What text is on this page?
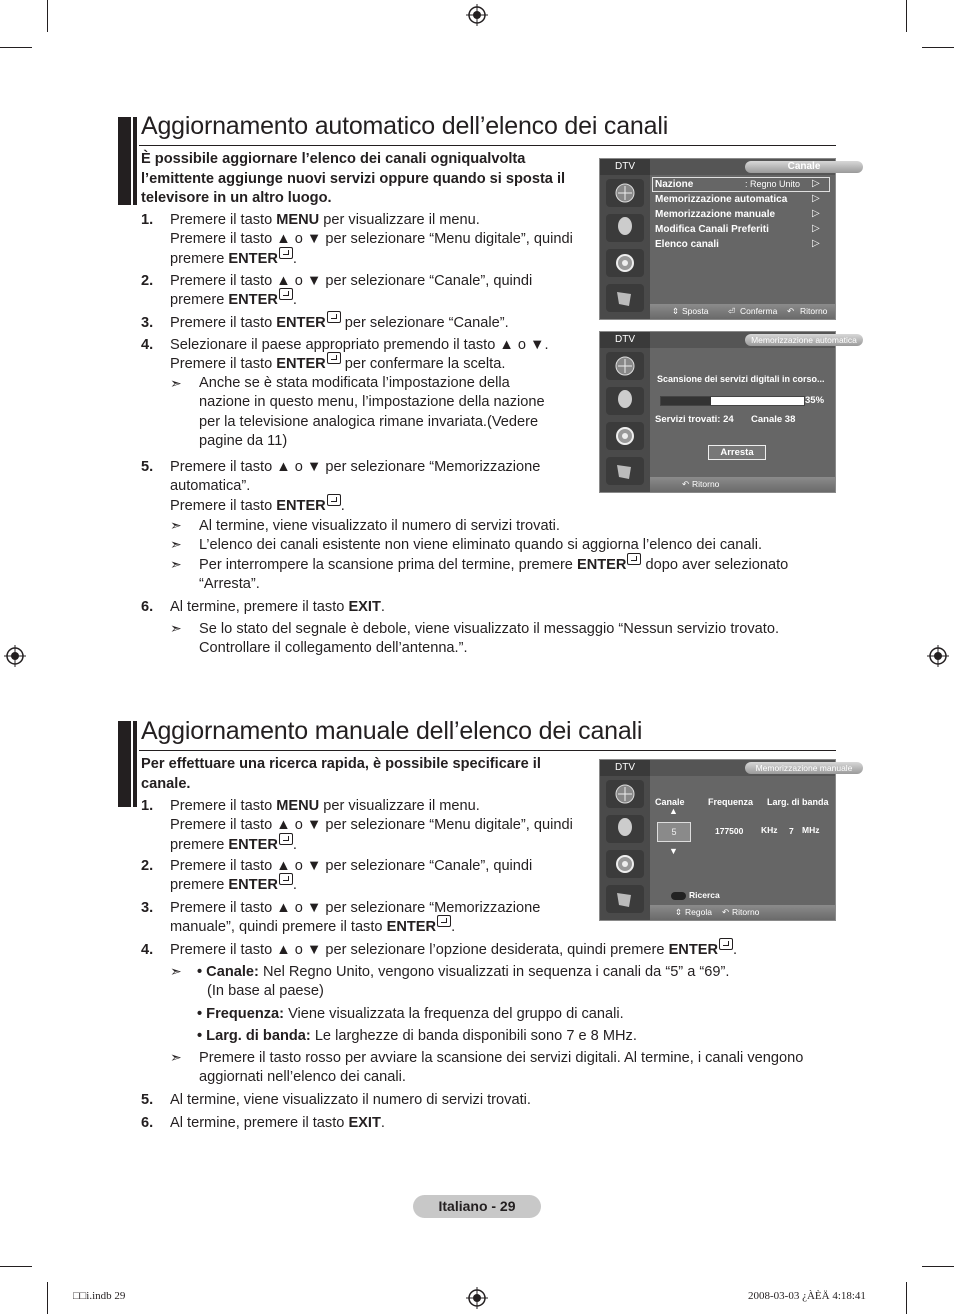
Aggiornamento automatico dell’elenco dei canali
È possibile aggiornare l’elenco dei canali ogniqualvolta
l’emittente aggiunge nuovi servizi oppure quando si sposta il
televisore in un altro luogo.
1. Premere il tasto MENU per visualizzare il menu.
Premere il tasto ▲ o ▼ per selezionare “Menu digitale”, quindi
premere ENTER .
2. Premere il tasto ▲ o ▼ per selezionare “Canale”, quindi
premere ENTER .
3. Premere il tasto ENTER per selezionare “Canale”.
4. Selezionare il paese appropriato premendo il tasto ▲ o ▼.
Premere il tasto ENTER per confermare la scelta.
➣ Anche se è stata modificata l’impostazione della
nazione in questo menu, l’impostazione della nazione
per la televisione analogica rimane invariata.(Vedere
pagine da 11)
5. Premere il tasto ▲ o ▼ per selezionare “Memorizzazione
automatica”.
Premere il tasto ENTER .
➣ Al termine, viene visualizzato il numero di servizi trovati.
➣ L’elenco dei canali esistente non viene eliminato quando si aggiorna l’elenco dei canali.
➣ Per interrompere la scansione prima del termine, premere ENTER dopo aver selezionato
“Arresta”.
6. Al termine, premere il tasto EXIT.
➣ Se lo stato del segnale è debole, viene visualizzato il messaggio “Nessun servizio trovato.
Controllare il collegamento dell’antenna.”.
DTV	Canale
Nazione	: Regno Unito
Memorizzazione automatica
Memorizzazione manuale
Modifica Canali Preferiti
Elenco canali
▷
▷
▷
▷
▷
⇕ Sposta ⏎ Conferma ↶ Ritorno
DTV	Memorizzazione automatica
Scansione dei servizi digitali in corso...
35%
Servizi trovati: 24 Canale 38
Arresta
↶ Ritorno
Aggiornamento manuale dell’elenco dei canali
Per effettuare una ricerca rapida, è possibile specificare il
canale.
1. Premere il tasto MENU per visualizzare il menu.
Premere il tasto ▲ o ▼ per selezionare “Menu digitale”, quindi
premere ENTER .
2. Premere il tasto ▲ o ▼ per selezionare “Canale”, quindi
premere ENTER .
3. Premere il tasto ▲ o ▼ per selezionare “Memorizzazione
manuale”, quindi premere il tasto ENTER .
4. Premere il tasto ▲ o ▼ per selezionare l’opzione desiderata, quindi premere ENTER .
➣ • Canale: Nel Regno Unito, vengono visualizzati in sequenza i canali da “5” a “69”.
(In base al paese)
• Frequenza: Viene visualizzata la frequenza del gruppo di canali.
• Larg. di banda: Le larghezze di banda disponibili sono 7 e 8 MHz.
➣ Premere il tasto rosso per avviare la scansione dei servizi digitali. Al termine, i canali vengono
aggiornati nell’elenco dei canali.
5. Al termine, viene visualizzato il numero di servizi trovati.
6. Al termine, premere il tasto EXIT.
DTV	Memorizzazione manuale
Canale	Frequenza Larg. di banda
▲
5
▼
177500 KHz 7 MHz
Ricerca
⇕ Regola ↶ Ritorno
Italiano - 29
□□i.indb 29	2008-03-03 ¿ÀÈÄ 4:18:41
